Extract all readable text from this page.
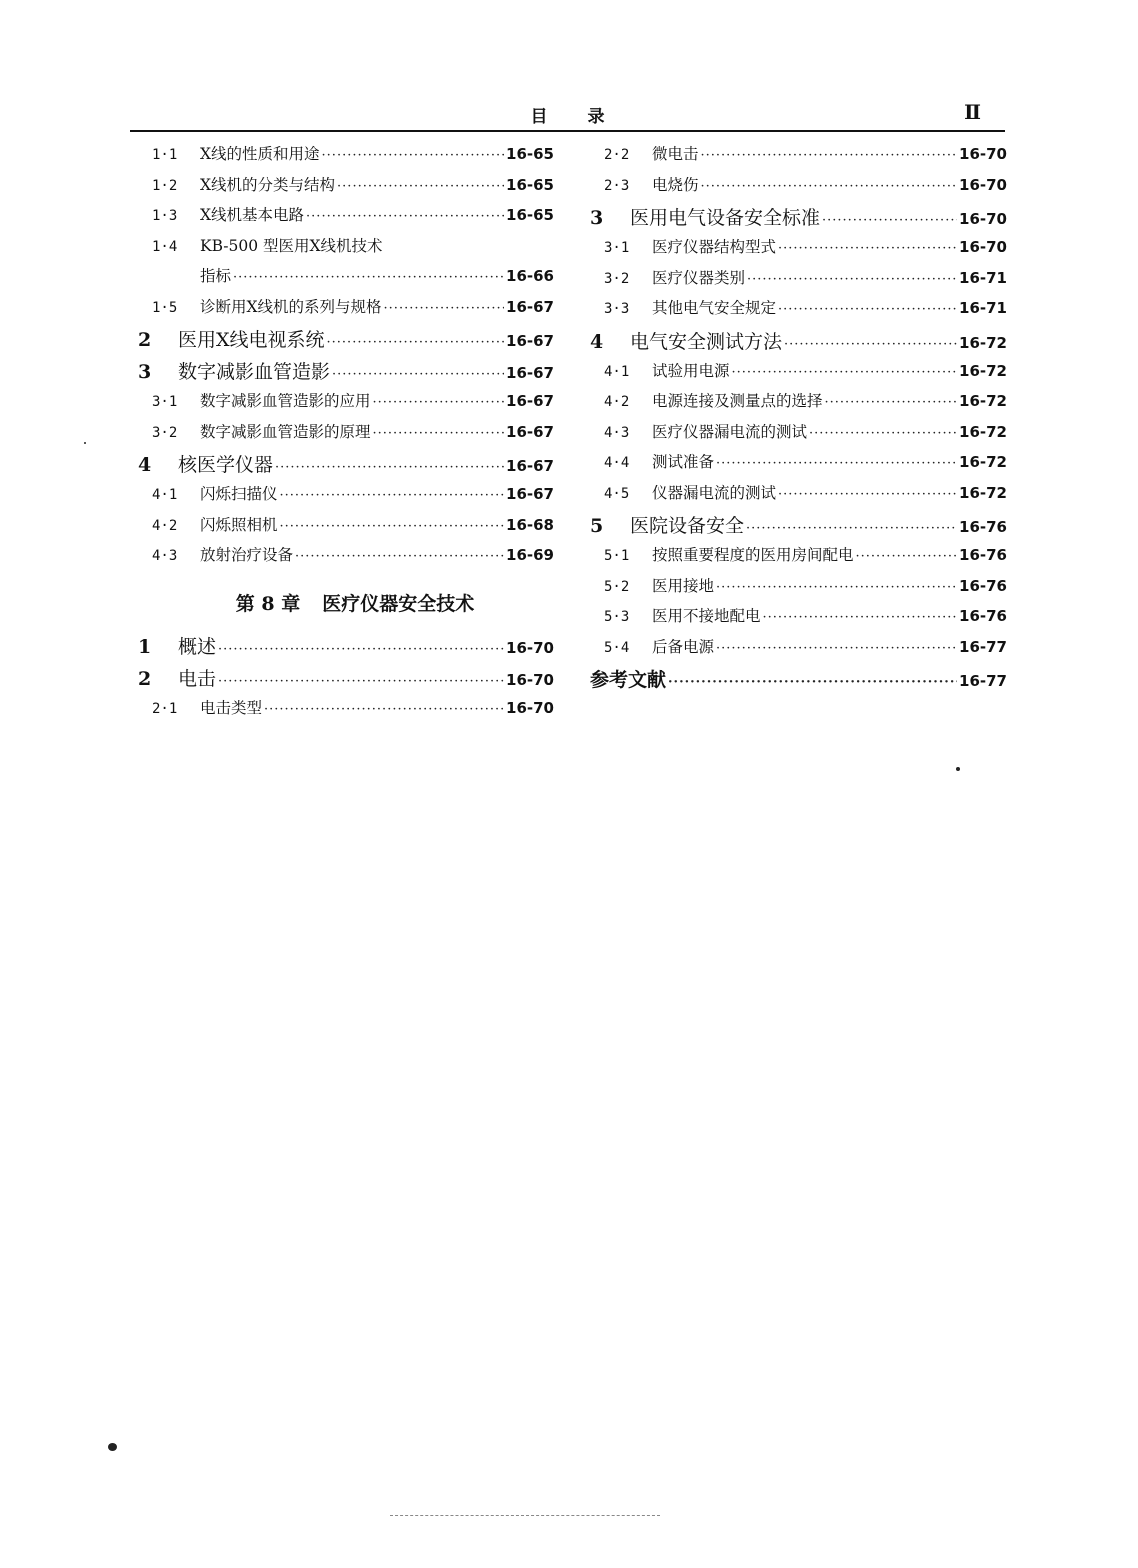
目录	Ⅱ
1·1	X线的性质和用途 ·····	16-65
1·2	X线机的分类与结构 ·····	16-65
1·3	X线机基本电路 ·····	16-65
1·4	KB-500 型医用X线机技术
指标 ·····	16-66
1·5	诊断用X线机的系列与规格 ·····	16-67
2	医用X线电视系统 ·····	16-67
3	数字减影血管造影 ·····	16-67
3·1	数字减影血管造影的应用 ·····	16-67
3·2	数字减影血管造影的原理 ·····	16-67
4	核医学仪器 ·····	16-67
4·1	闪烁扫描仪 ·····	16-67
4·2	闪烁照相机 ·····	16-68
4·3	放射治疗设备 ·····	16-69
第 8 章 医疗仪器安全技术
1	概述 ·····	16-70
2	电击 ·····	16-70
2·1	电击类型 ·····	16-70
2·2	微电击 ·····	16-70
2·3	电烧伤 ·····	16-70
3	医用电气设备安全标准 ·····	16-70
3·1	医疗仪器结构型式 ·····	16-70
3·2	医疗仪器类别 ·····	16-71
3·3	其他电气安全规定 ·····	16-71
4	电气安全测试方法 ·····	16-72
4·1	试验用电源 ·····	16-72
4·2	电源连接及测量点的选择 ·····	16-72
4·3	医疗仪器漏电流的测试 ·····	16-72
4·4	测试准备 ·····	16-72
4·5	仪器漏电流的测试 ·····	16-72
5	医院设备安全 ·····	16-76
5·1	按照重要程度的医用房间配电 ·····	16-76
5·2	医用接地 ·····	16-76
5·3	医用不接地配电 ·····	16-76
5·4	后备电源 ·····	16-77
参考文献 ·····	16-77
